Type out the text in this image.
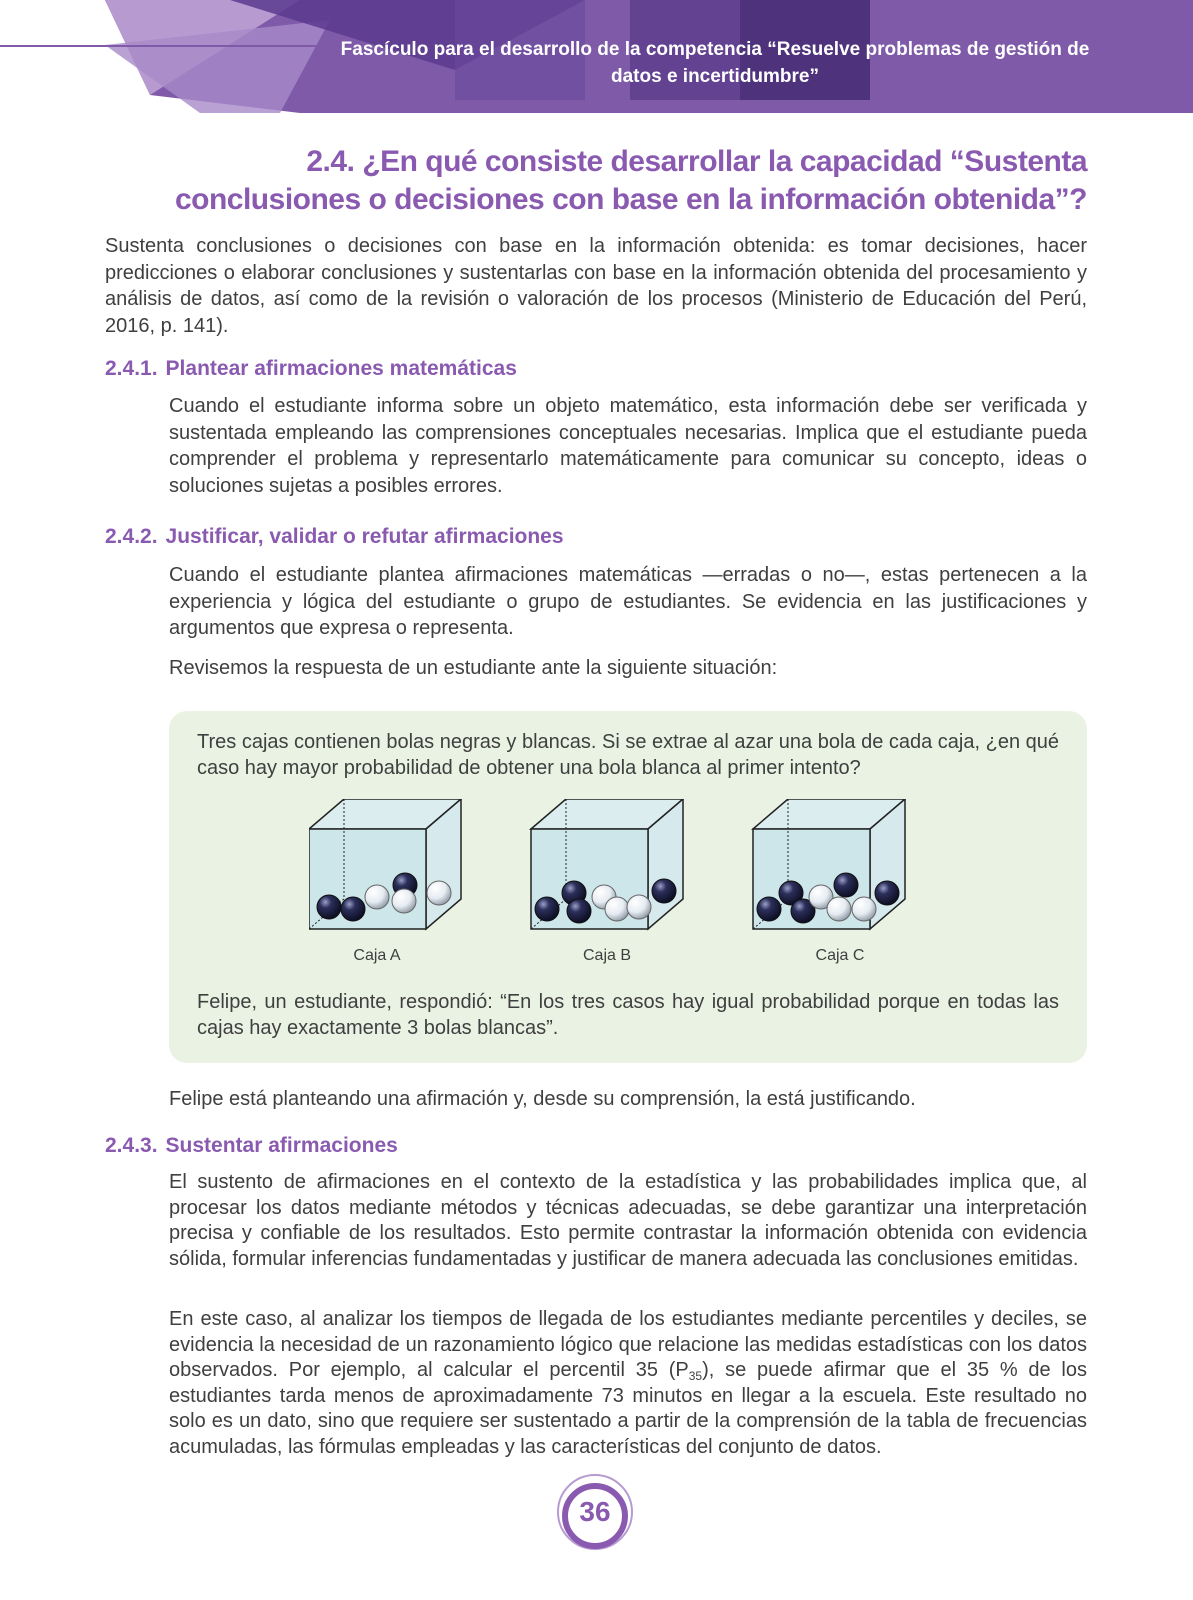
Fascículo para el desarrollo de la competencia “Resuelve problemas de gestión de datos e incertidumbre”
2.4. ¿En qué consiste desarrollar la capacidad “Sustenta conclusiones o decisiones con base en la información obtenida”?

Sustenta conclusiones o decisiones con base en la información obtenida: es tomar decisiones, hacer predicciones o elaborar conclusiones y sustentarlas con base en la información obtenida del procesamiento y análisis de datos, así como de la revisión o valoración de los procesos (Ministerio de Educación del Perú, 2016, p. 141).

2.4.1. Plantear afirmaciones matemáticas

Cuando el estudiante informa sobre un objeto matemático, esta información debe ser verificada y sustentada empleando las comprensiones conceptuales necesarias. Implica que el estudiante pueda comprender el problema y representarlo matemáticamente para comunicar su concepto, ideas o soluciones sujetas a posibles errores.

2.4.2. Justificar, validar o refutar afirmaciones

Cuando el estudiante plantea afirmaciones matemáticas —erradas o no—, estas pertenecen a la experiencia y lógica del estudiante o grupo de estudiantes. Se evidencia en las justificaciones y argumentos que expresa o representa.

Revisemos la respuesta de un estudiante ante la siguiente situación:

Tres cajas contienen bolas negras y blancas. Si se extrae al azar una bola de cada caja, ¿en qué caso hay mayor probabilidad de obtener una bola blanca al primer intento?

Caja A	Caja B	Caja C

Felipe, un estudiante, respondió: “En los tres casos hay igual probabilidad porque en todas las cajas hay exactamente 3 bolas blancas”.

Felipe está planteando una afirmación y, desde su comprensión, la está justificando.

2.4.3. Sustentar afirmaciones

El sustento de afirmaciones en el contexto de la estadística y las probabilidades implica que, al procesar los datos mediante métodos y técnicas adecuadas, se debe garantizar una interpretación precisa y confiable de los resultados. Esto permite contrastar la información obtenida con evidencia sólida, formular inferencias fundamentadas y justificar de manera adecuada las conclusiones emitidas.

En este caso, al analizar los tiempos de llegada de los estudiantes mediante percentiles y deciles, se evidencia la necesidad de un razonamiento lógico que relacione las medidas estadísticas con los datos observados. Por ejemplo, al calcular el percentil 35 $(P_{35})$, se puede afirmar que el 35 % de los estudiantes tarda menos de aproximadamente 73 minutos en llegar a la escuela. Este resultado no solo es un dato, sino que requiere ser sustentado a partir de la comprensión de la tabla de frecuencias acumuladas, las fórmulas empleadas y las características del conjunto de datos.

36
